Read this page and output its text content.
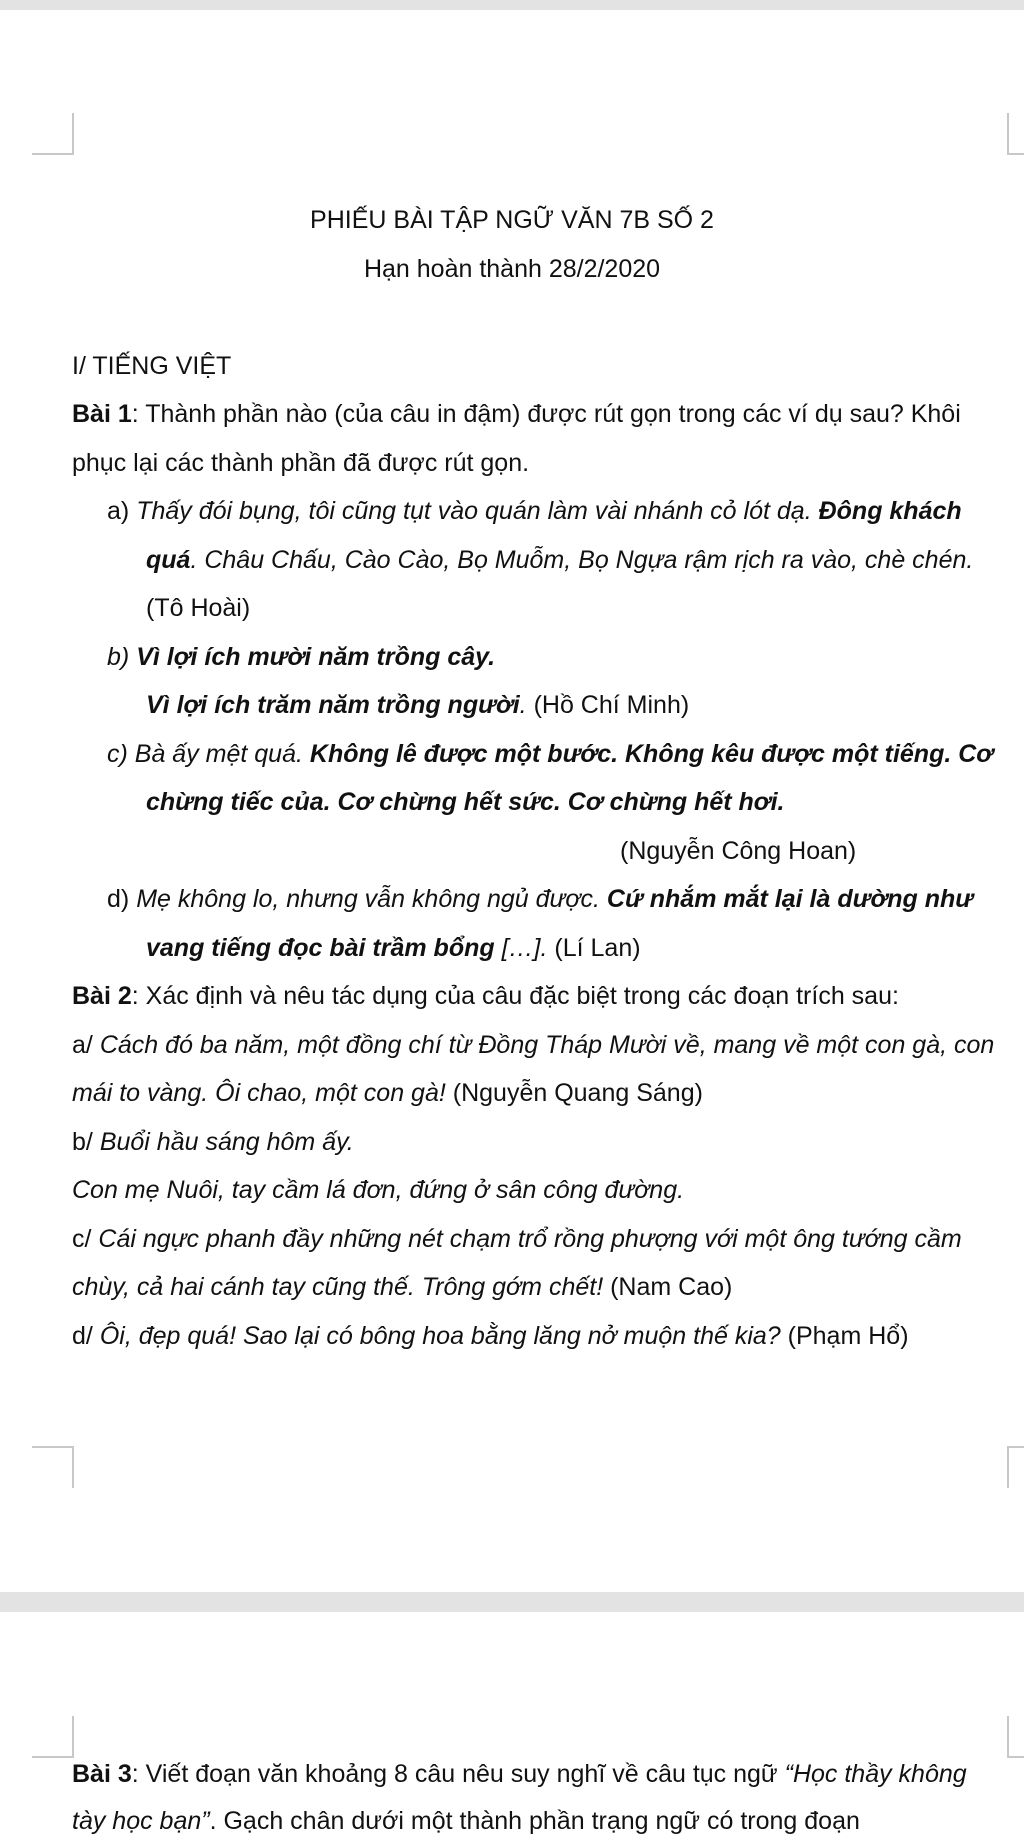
PHIẾU BÀI TẬP NGỮ VĂN 7B SỐ 2
Hạn hoàn thành 28/2/2020
I/ TIẾNG VIỆT
Bài 1: Thành phần nào (của câu in đậm) được rút gọn trong các ví dụ sau? Khôi
phục lại các thành phần đã được rút gọn.
a) Thấy đói bụng, tôi cũng tụt vào quán làm vài nhánh cỏ lót dạ. Đông khách
quá. Châu Chấu, Cào Cào, Bọ Muỗm, Bọ Ngựa rậm rịch ra vào, chè chén.
(Tô Hoài)
b) Vì lợi ích mười năm trồng cây.
Vì lợi ích trăm năm trồng người. (Hồ Chí Minh)
c) Bà ấy mệt quá. Không lê được một bước. Không kêu được một tiếng. Cơ
chừng tiếc của. Cơ chừng hết sức. Cơ chừng hết hơi.
(Nguyễn Công Hoan)
d) Mẹ không lo, nhưng vẫn không ngủ được. Cứ nhắm mắt lại là dường như
vang tiếng đọc bài trầm bổng […]. (Lí Lan)
Bài 2: Xác định và nêu tác dụng của câu đặc biệt trong các đoạn trích sau:
a/ Cách đó ba năm, một đồng chí từ Đồng Tháp Mười về, mang về một con gà, con
mái to vàng. Ôi chao, một con gà! (Nguyễn Quang Sáng)
b/ Buổi hầu sáng hôm ấy.
Con mẹ Nuôi, tay cầm lá đơn, đứng ở sân công đường.
c/ Cái ngực phanh đầy những nét chạm trổ rồng phượng với một ông tướng cầm
chùy, cả hai cánh tay cũng thế. Trông gớm chết! (Nam Cao)
d/ Ôi, đẹp quá! Sao lại có bông hoa bằng lăng nở muộn thế kia? (Phạm Hổ)
Bài 3: Viết đoạn văn khoảng 8 câu nêu suy nghĩ về câu tục ngữ “Học thầy không
tày học bạn”. Gạch chân dưới một thành phần trạng ngữ có trong đoạn
